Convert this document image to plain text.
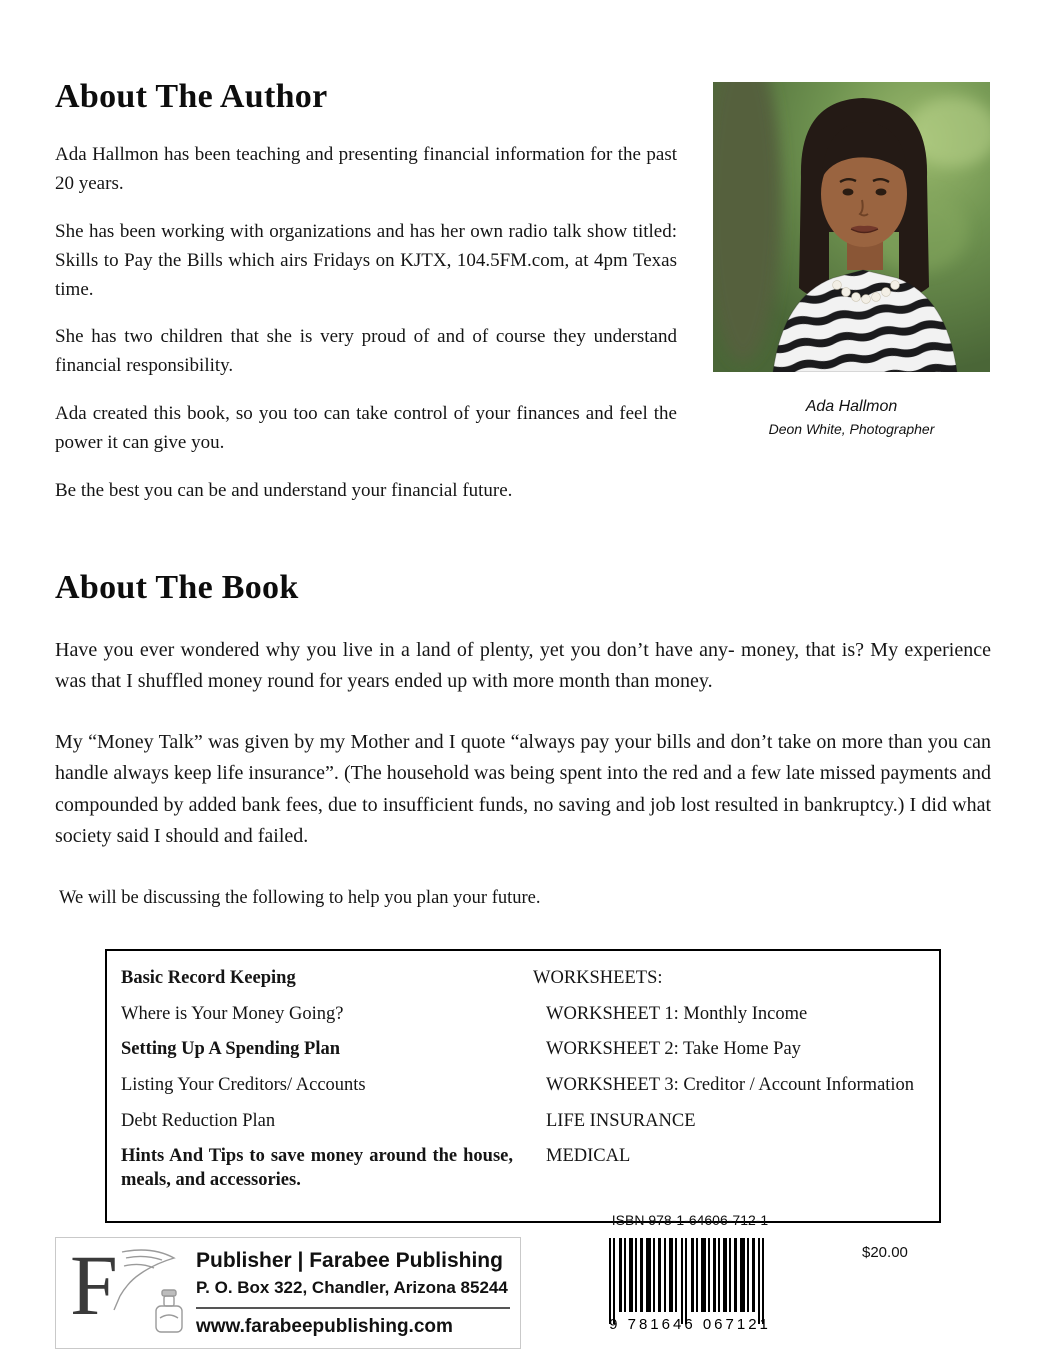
About The Author

Ada Hallmon has been teaching and presenting financial information for the past 20 years.

She has been working with organizations and has her own radio talk show titled: Skills to Pay the Bills which airs Fridays on KJTX, 104.5FM.com, at 4pm Texas time.

She has two children that she is very proud of and of course they understand financial responsibility.

Ada created this book, so you too can take control of your finances and feel the power it can give you.

Be the best you can be and understand your financial future.

Ada Hallmon
Deon White, Photographer
About The Book

Have you ever wondered why you live in a land of plenty, yet you don’t have any- money, that is? My experience was that I shuffled money round for years ended up with more month than money.

My “Money Talk” was given by my Mother and I quote “always pay your bills and don’t take on more than you can handle always keep life insurance”. (The household was being spent into the red and a few late missed payments and compounded by added bank fees, due to insufficient funds, no saving and job lost resulted in bankruptcy.) I did what society said I should and failed.

We will be discussing the following to help you plan your future.

Basic Record Keeping
Where is Your Money Going?
Setting Up A Spending Plan
Listing Your Creditors/ Accounts
Debt Reduction Plan
Hints And Tips to save money around the house, meals, and accessories.
WORKSHEETS:
WORKSHEET 1: Monthly Income
WORKSHEET 2: Take Home Pay
WORKSHEET 3: Creditor / Account Information
LIFE INSURANCE
MEDICAL
ISBN 978-1-64606-712-1
9 781646 067121
$20.00
F	Publisher | Farabee Publishing
P. O. Box 322, Chandler, Arizona 85244
www.farabeepublishing.com
